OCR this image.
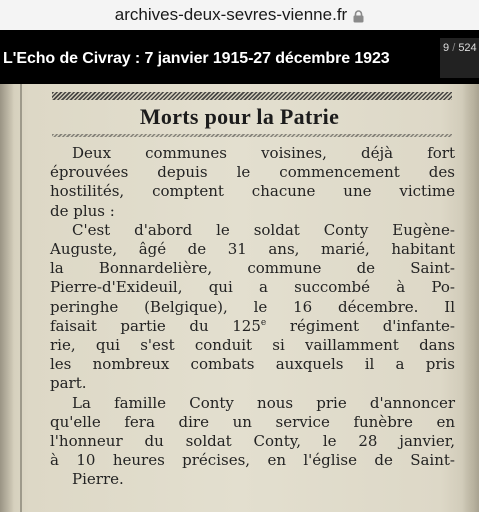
archives-deux-sevres-vienne.fr
L'Echo de Civray : 7 janvier 1915-27 décembre 1923
9 / 524
Morts pour la Patrie
Deux communes voisines, déjà fort
éprouvées depuis le commencement des
hostilités, comptent chacune une victime
de plus :
C'est d'abord le soldat Conty Eugène-
Auguste, âgé de 31 ans, marié, habitant
la Bonnardelière, commune de Saint-
Pierre-d'Exideuil, qui a succombé à Po-
peringhe (Belgique), le 16 décembre. Il
faisait partie du 125e régiment d'infante-
rie, qui s'est conduit si vaillamment dans
les nombreux combats auxquels il a pris
part.
La famille Conty nous prie d'annoncer
qu'elle fera dire un service funèbre en
l'honneur du soldat Conty, le 28 janvier,
à 10 heures précises, en l'église de Saint-
Pierre.
